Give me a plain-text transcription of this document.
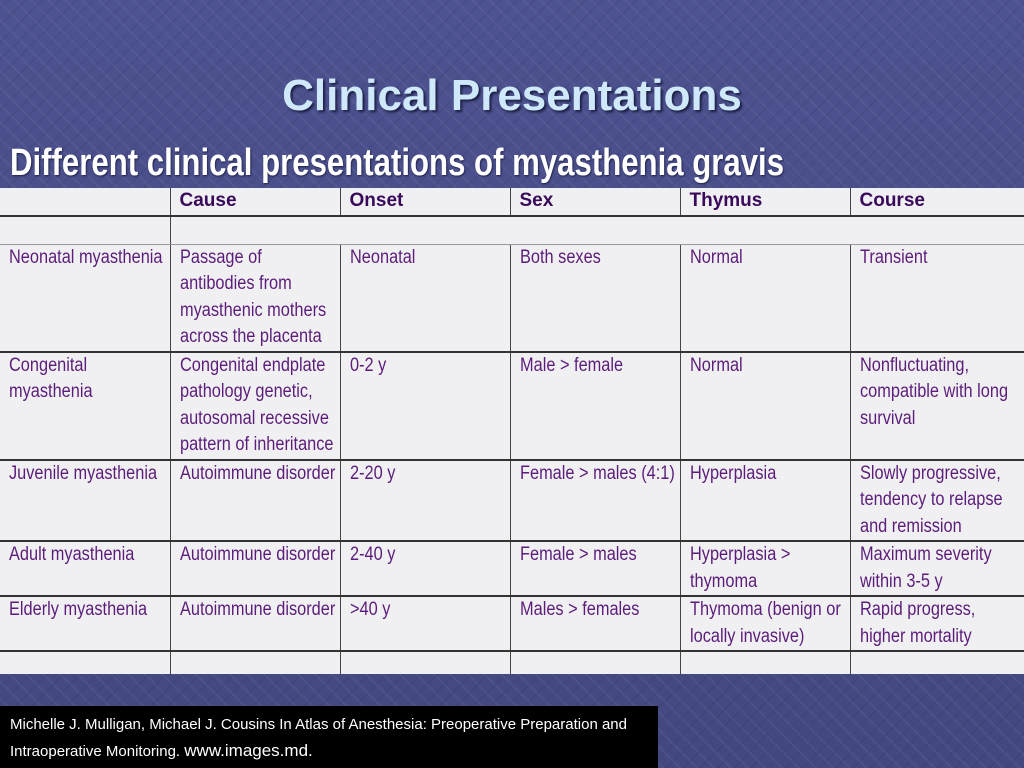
Clinical Presentations
Different clinical presentations of myasthenia gravis
	Cause	Onset	Sex	Thymus	Course

Neonatal myasthenia	Passage of antibodies from myasthenic mothers across the placenta	Neonatal	Both sexes	Normal	Transient

Congenital myasthenia	Congenital endplate pathology genetic, autosomal recessive pattern of inheritance	0-2 y	Male > female	Normal	Nonfluctuating, compatible with long survival

Juvenile myasthenia	Autoimmune disorder	2-20 y	Female > males (4:1)	Hyperplasia	Slowly progressive, tendency to relapse and remission

Adult myasthenia	Autoimmune disorder	2-40 y	Female > males	Hyperplasia > thymoma	Maximum severity within 3-5 y

Elderly myasthenia	Autoimmune disorder	>40 y	Males > females	Thymoma (benign or locally invasive)	Rapid progress, higher mortality

Michelle J. Mulligan, Michael J. Cousins In Atlas of Anesthesia: Preoperative Preparation and Intraoperative Monitoring. www.images.md.
